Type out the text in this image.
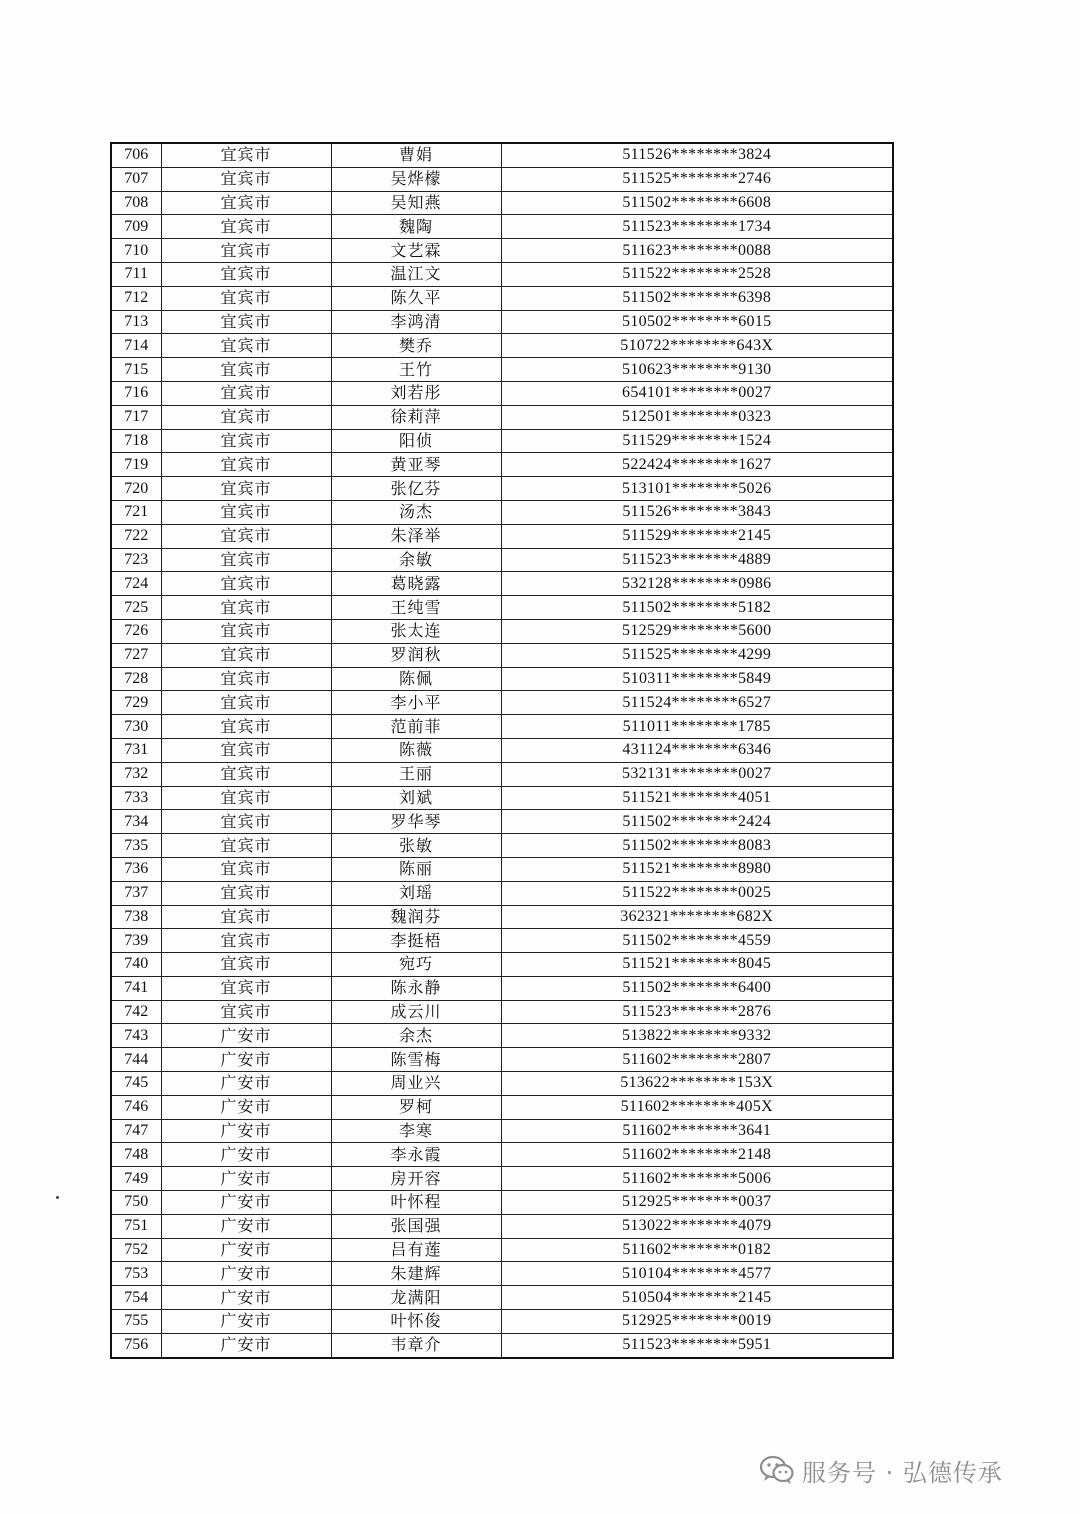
706	宜宾市	曹娟	511526********3824
707	宜宾市	吴烨檬	511525********2746
708	宜宾市	吴知燕	511502********6608
709	宜宾市	魏陶	511523********1734
710	宜宾市	文艺霖	511623********0088
711	宜宾市	温江文	511522********2528
712	宜宾市	陈久平	511502********6398
713	宜宾市	李鸿清	510502********6015
714	宜宾市	樊乔	510722********643X
715	宜宾市	王竹	510623********9130
716	宜宾市	刘若彤	654101********0027
717	宜宾市	徐莉萍	512501********0323
718	宜宾市	阳侦	511529********1524
719	宜宾市	黄亚琴	522424********1627
720	宜宾市	张亿芬	513101********5026
721	宜宾市	汤杰	511526********3843
722	宜宾市	朱泽举	511529********2145
723	宜宾市	余敏	511523********4889
724	宜宾市	葛晓露	532128********0986
725	宜宾市	王纯雪	511502********5182
726	宜宾市	张太连	512529********5600
727	宜宾市	罗润秋	511525********4299
728	宜宾市	陈佩	510311********5849
729	宜宾市	李小平	511524********6527
730	宜宾市	范前菲	511011********1785
731	宜宾市	陈薇	431124********6346
732	宜宾市	王丽	532131********0027
733	宜宾市	刘斌	511521********4051
734	宜宾市	罗华琴	511502********2424
735	宜宾市	张敏	511502********8083
736	宜宾市	陈丽	511521********8980
737	宜宾市	刘瑶	511522********0025
738	宜宾市	魏润芬	362321********682X
739	宜宾市	李挺梧	511502********4559
740	宜宾市	宛巧	511521********8045
741	宜宾市	陈永静	511502********6400
742	宜宾市	成云川	511523********2876
743	广安市	余杰	513822********9332
744	广安市	陈雪梅	511602********2807
745	广安市	周业兴	513622********153X
746	广安市	罗柯	511602********405X
747	广安市	李寒	511602********3641
748	广安市	李永霞	511602********2148
749	广安市	房开容	511602********5006
750	广安市	叶怀程	512925********0037
751	广安市	张国强	513022********4079
752	广安市	吕有莲	511602********0182
753	广安市	朱建辉	510104********4577
754	广安市	龙满阳	510504********2145
755	广安市	叶怀俊	512925********0019
756	广安市	韦章介	511523********5951
服务号 · 弘德传承
